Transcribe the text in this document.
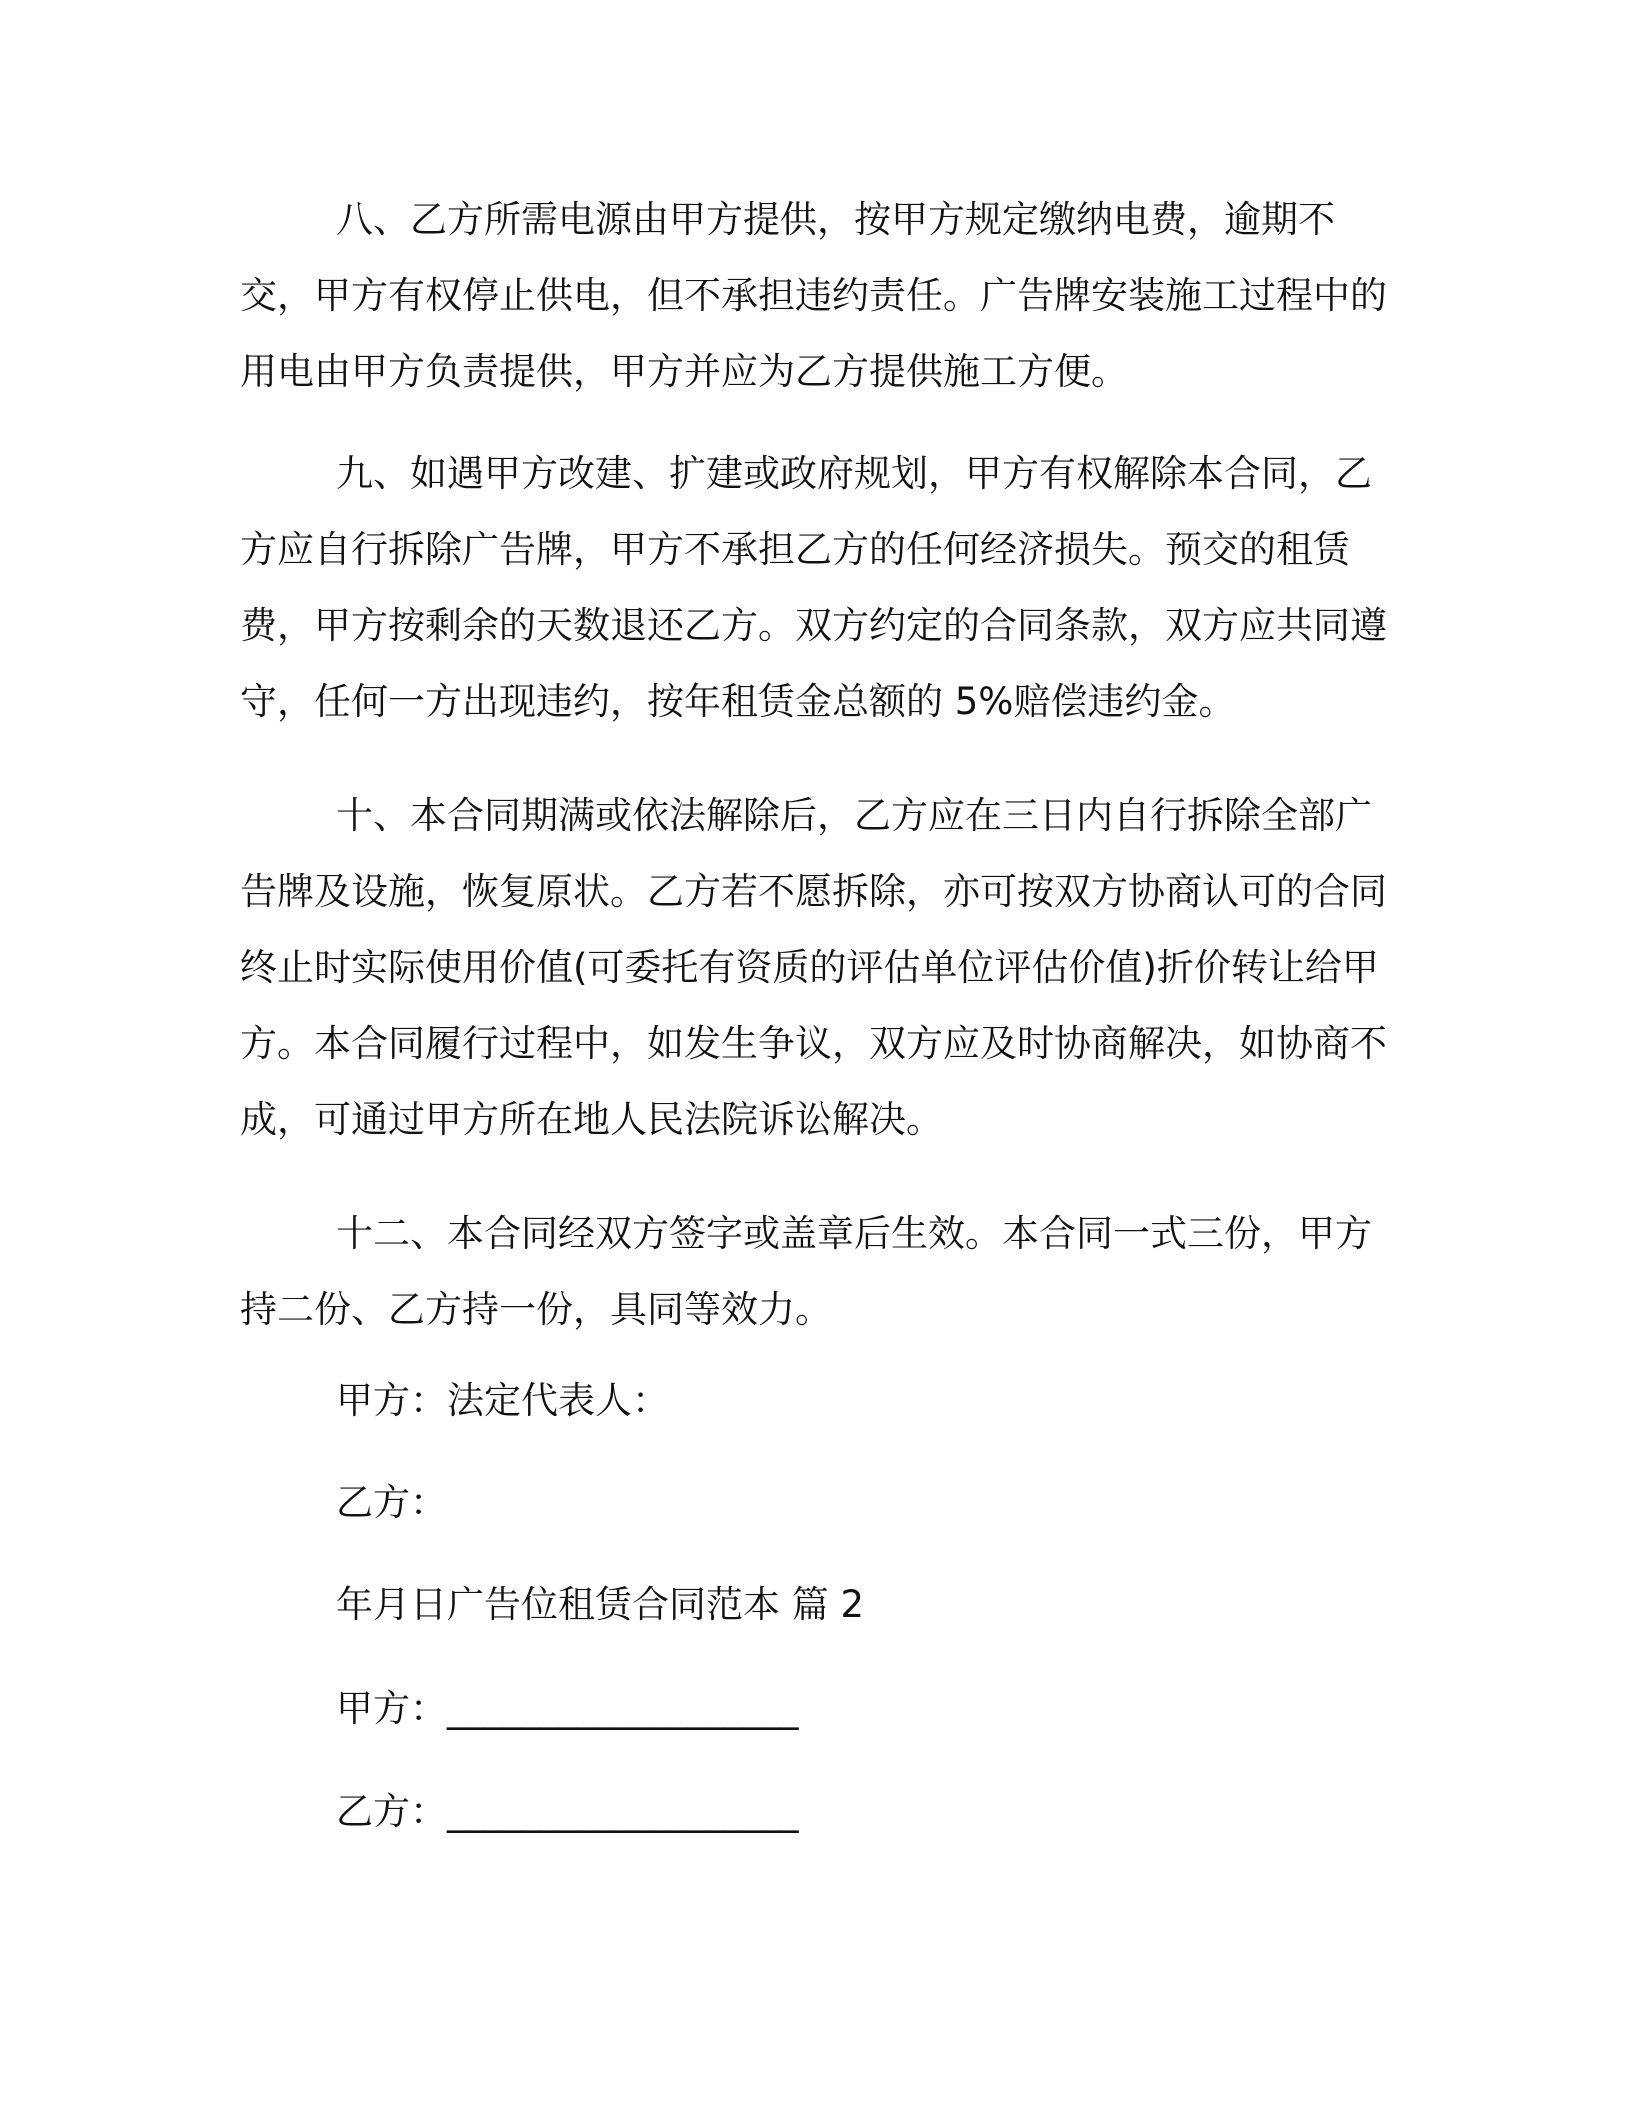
八、乙方所需电源由甲方提供，按甲方规定缴纳电费，逾期不交，甲方有权停止供电，但不承担违约责任。广告牌安装施工过程中的用电由甲方负责提供，甲方并应为乙方提供施工方便。

九、如遇甲方改建、扩建或政府规划，甲方有权解除本合同，乙方应自行拆除广告牌，甲方不承担乙方的任何经济损失。预交的租赁费，甲方按剩余的天数退还乙方。双方约定的合同条款，双方应共同遵守，任何一方出现违约，按年租赁金总额的 5%赔偿违约金。

十、本合同期满或依法解除后，乙方应在三日内自行拆除全部广告牌及设施，恢复原状。乙方若不愿拆除，亦可按双方协商认可的合同终止时实际使用价值(可委托有资质的评估单位评估价值)折价转让给甲方。本合同履行过程中，如发生争议，双方应及时协商解决，如协商不成，可通过甲方所在地人民法院诉讼解决。

十二、本合同经双方签字或盖章后生效。本合同一式三份，甲方持二份、乙方持一份，具同等效力。

甲方：法定代表人：

乙方：

年月日广告位租赁合同范本 篇 2

甲方：___________________

乙方：___________________
